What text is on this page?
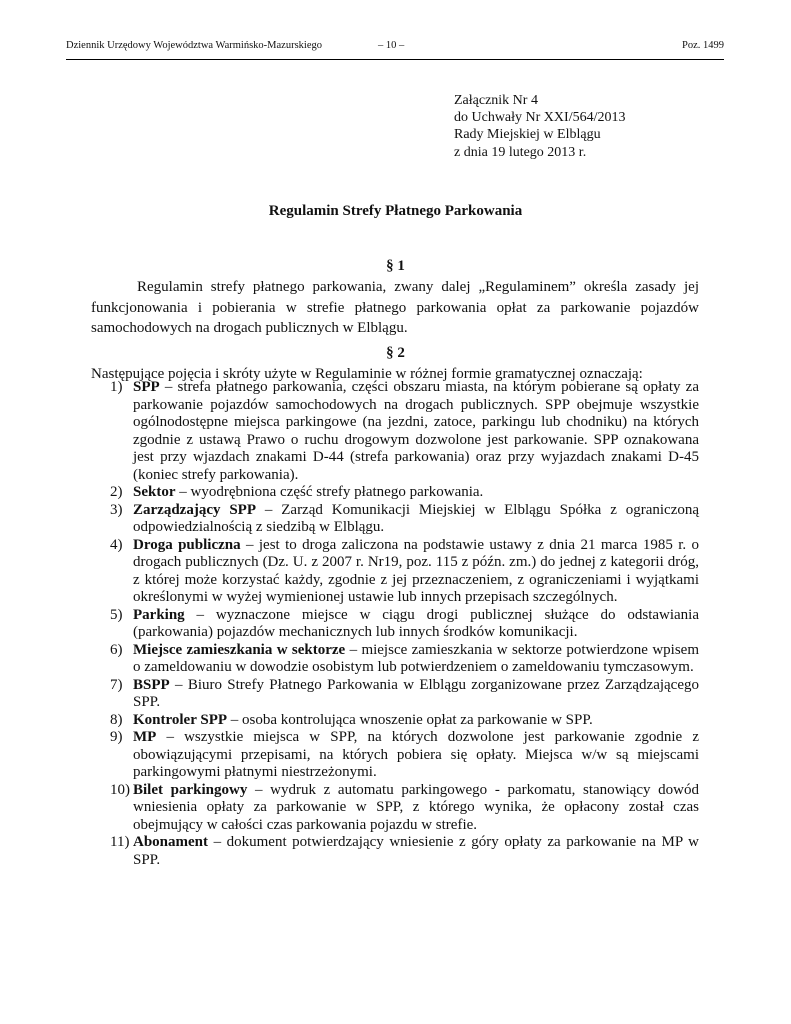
Dziennik Urzędowy Województwa Warmińsko-Mazurskiego	– 10 –	Poz. 1499
Załącznik Nr 4
do Uchwały Nr XXI/564/2013
Rady Miejskiej w Elblągu
z dnia 19 lutego 2013 r.
Regulamin Strefy Płatnego Parkowania
§ 1
Regulamin strefy płatnego parkowania, zwany dalej „Regulaminem” określa zasady jej funkcjonowania i pobierania w strefie płatnego parkowania opłat za parkowanie pojazdów samochodowych na drogach publicznych w Elblągu.
§ 2
Następujące pojęcia i skróty użyte w Regulaminie w różnej formie gramatycznej oznaczają:
1) SPP – strefa płatnego parkowania, części obszaru miasta, na którym pobierane są opłaty za parkowanie pojazdów samochodowych na drogach publicznych. SPP obejmuje wszystkie ogólnodostępne miejsca parkingowe (na jezdni, zatoce, parkingu lub chodniku) na których zgodnie z ustawą Prawo o ruchu drogowym dozwolone jest parkowanie. SPP oznakowana jest przy wjazdach znakami D-44 (strefa parkowania) oraz przy wyjazdach znakami D-45 (koniec strefy parkowania).
2) Sektor – wyodrębniona część strefy płatnego parkowania.
3) Zarządzający SPP – Zarząd Komunikacji Miejskiej w Elblągu Spółka z ograniczoną odpowiedzialnością z siedzibą w Elblągu.
4) Droga publiczna – jest to droga zaliczona na podstawie ustawy z dnia 21 marca 1985 r. o drogach publicznych (Dz. U. z 2007 r. Nr19, poz. 115 z późn. zm.) do jednej z kategorii dróg, z której może korzystać każdy, zgodnie z jej przeznaczeniem, z ograniczeniami i wyjątkami określonymi w wyżej wymienionej ustawie lub innych przepisach szczególnych.
5) Parking – wyznaczone miejsce w ciągu drogi publicznej służące do odstawiania (parkowania) pojazdów mechanicznych lub innych środków komunikacji.
6) Miejsce zamieszkania w sektorze – miejsce zamieszkania w sektorze potwierdzone wpisem o zameldowaniu w dowodzie osobistym lub potwierdzeniem o zameldowaniu tymczasowym.
7) BSPP – Biuro Strefy Płatnego Parkowania w Elblągu zorganizowane przez Zarządzającego SPP.
8) Kontroler SPP – osoba kontrolująca wnoszenie opłat za parkowanie w SPP.
9) MP – wszystkie miejsca w SPP, na których dozwolone jest parkowanie zgodnie z obowiązującymi przepisami, na których pobiera się opłaty. Miejsca w/w są miejscami parkingowymi płatnymi niestrzeżonymi.
10) Bilet parkingowy – wydruk z automatu parkingowego - parkomatu, stanowiący dowód wniesienia opłaty za parkowanie w SPP, z którego wynika, że opłacony został czas obejmujący w całości czas parkowania pojazdu w strefie.
11) Abonament – dokument potwierdzający wniesienie z góry opłaty za parkowanie na MP w SPP.
